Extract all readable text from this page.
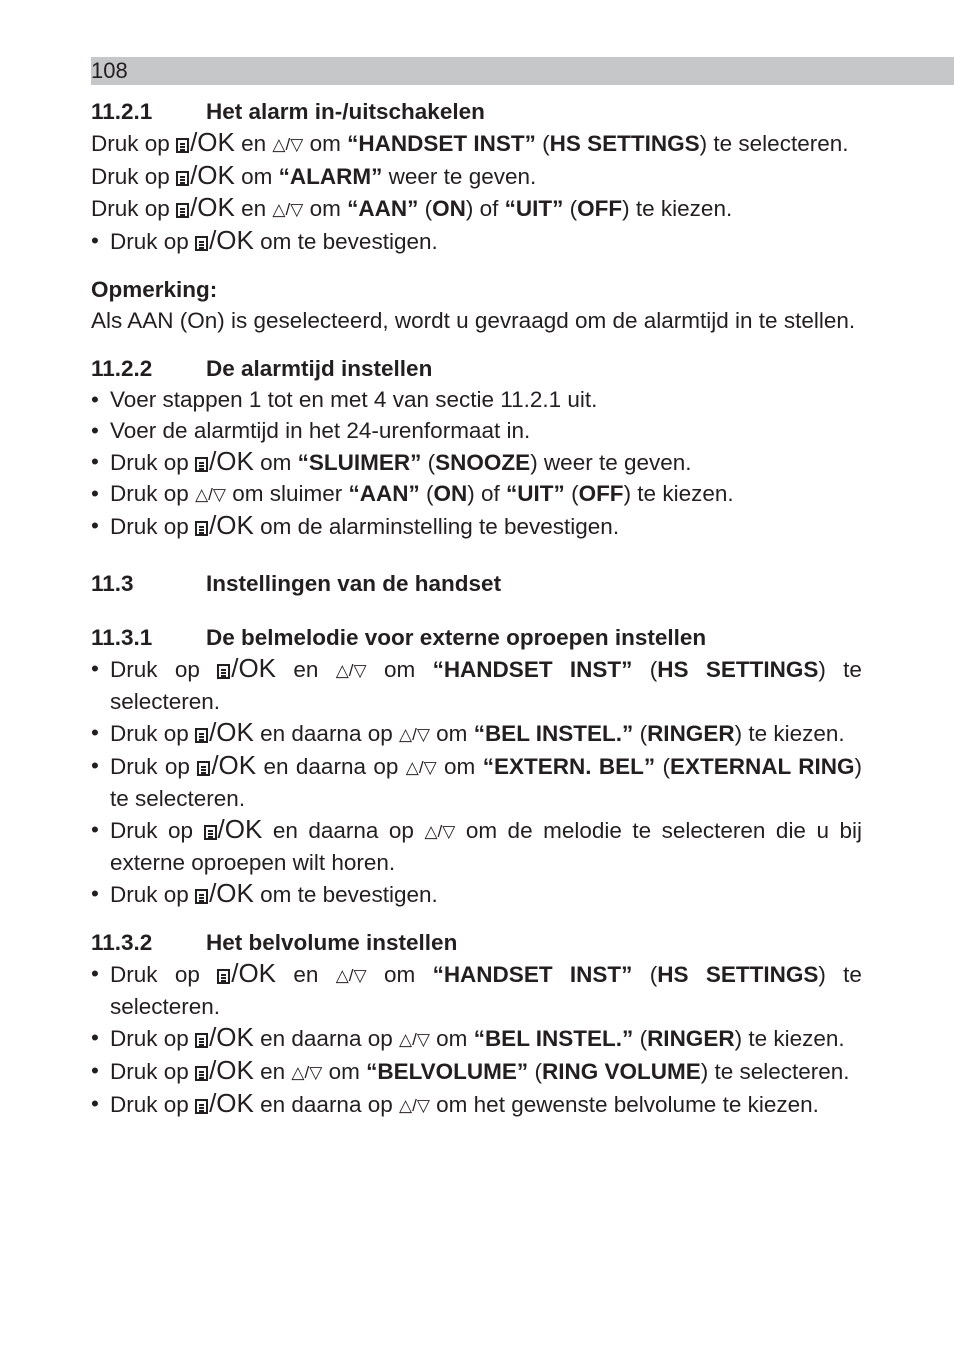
108

11.2.1 Het alarm in-/uitschakelen

Druk op /OK en △/▽ om “HANDSET INST” (HS SETTINGS) te selecteren.

Druk op /OK om “ALARM” weer te geven.

Druk op /OK en △/▽ om “AAN” (ON) of “UIT” (OFF) te kiezen.

• Druk op /OK om te bevestigen.

Opmerking:

Als AAN (On) is geselecteerd, wordt u gevraagd om de alarmtijd in te stellen.

11.2.2 De alarmtijd instellen

• Voer stappen 1 tot en met 4 van sectie 11.2.1 uit.

• Voer de alarmtijd in het 24-urenformaat in.

• Druk op /OK om “SLUIMER” (SNOOZE) weer te geven.

• Druk op △/▽ om sluimer “AAN” (ON) of “UIT” (OFF) te kiezen.

• Druk op /OK om de alarminstelling te bevestigen.

11.3	Instellingen van de handset

11.3.1 De belmelodie voor externe oproepen instellen

• Druk op /OK en △/▽ om “HANDSET INST” (HS SETTINGS) te selecteren.

• Druk op /OK en daarna op △/▽ om “BEL INSTEL.” (RINGER) te kiezen.

• Druk op /OK en daarna op △/▽ om “EXTERN. BEL” (EXTERNAL RING) te selecteren.

• Druk op /OK en daarna op △/▽ om de melodie te selecteren die u bij externe oproepen wilt horen.

• Druk op /OK om te bevestigen.

11.3.2 Het belvolume instellen

• Druk op /OK en △/▽ om “HANDSET INST” (HS SETTINGS) te selecteren.

• Druk op /OK en daarna op △/▽ om “BEL INSTEL.” (RINGER) te kiezen.

• Druk op /OK en △/▽ om “BELVOLUME” (RING VOLUME) te selecteren.

• Druk op /OK en daarna op △/▽ om het gewenste belvolume te kiezen.
